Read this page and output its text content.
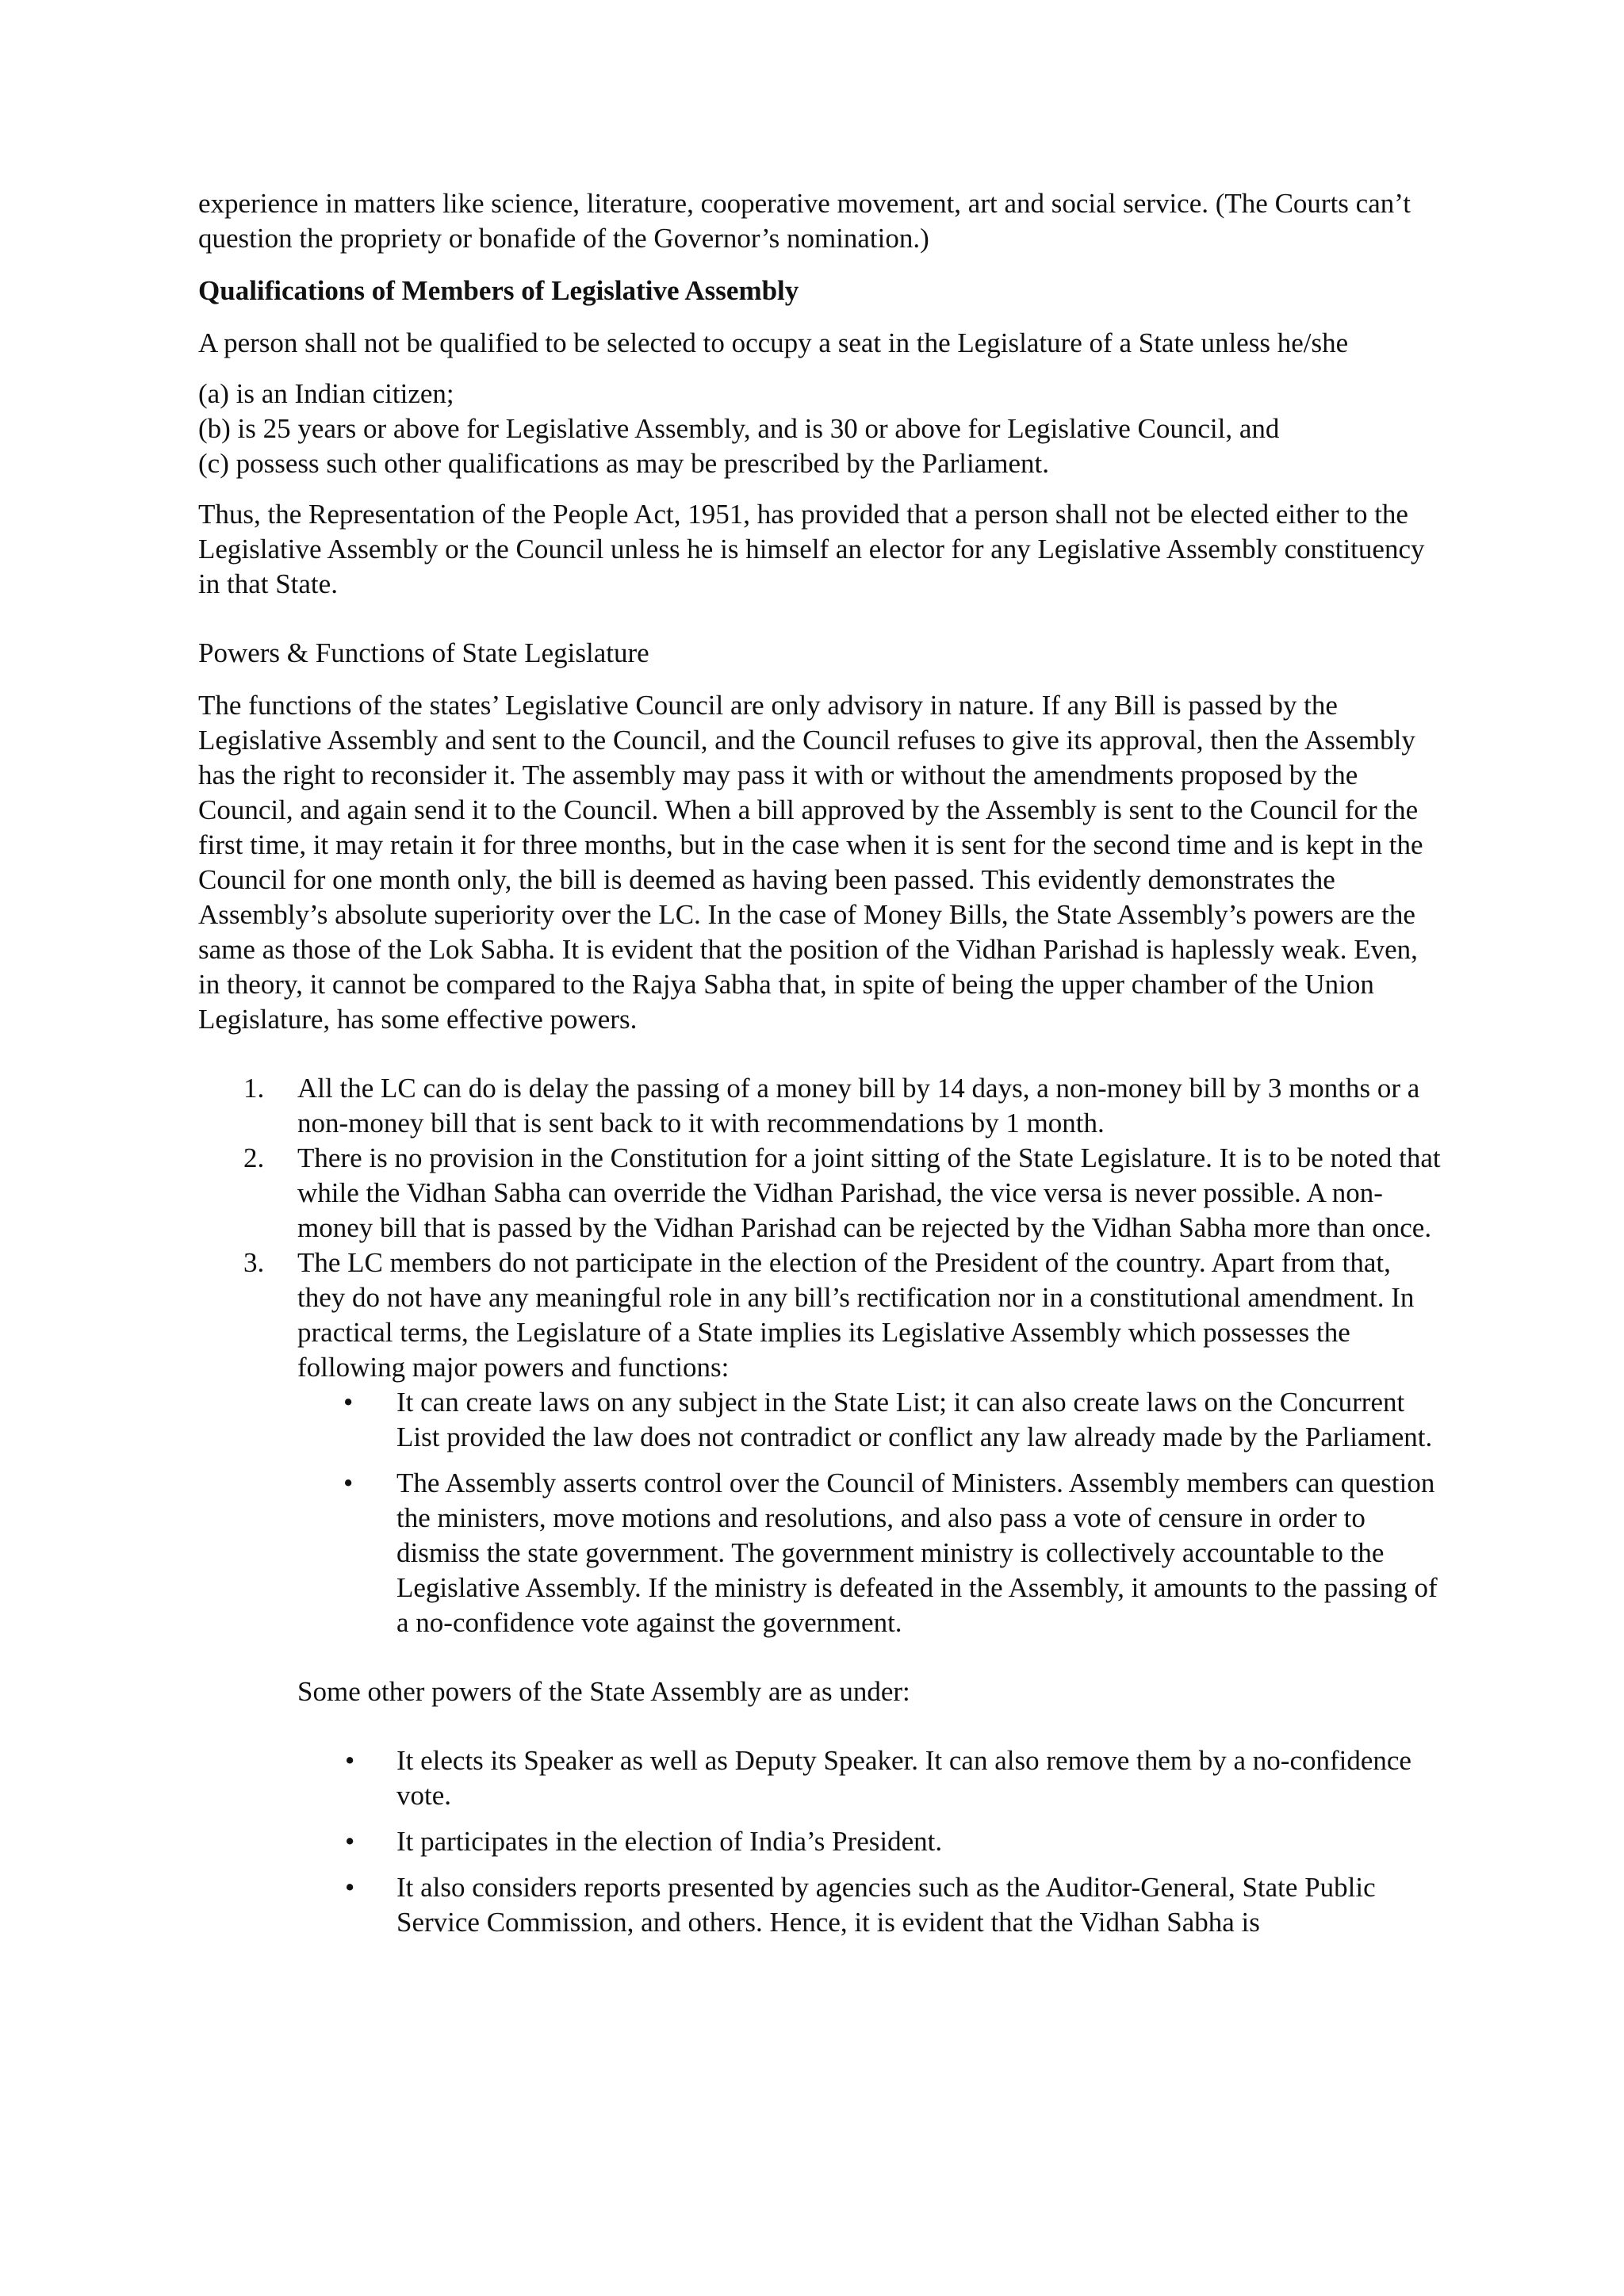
experience in matters like science, literature, cooperative movement, art and social service. (The Courts can’t question the propriety or bonafide of the Governor’s nomination.)

Qualifications of Members of Legislative Assembly

A person shall not be qualified to be selected to occupy a seat in the Legislature of a State unless he/she

(a) is an Indian citizen;
(b) is 25 years or above for Legislative Assembly, and is 30 or above for Legislative Council, and
(c) possess such other qualifications as may be prescribed by the Parliament.

Thus, the Representation of the People Act, 1951, has provided that a person shall not be elected either to the Legislative Assembly or the Council unless he is himself an elector for any Legislative Assembly constituency in that State.

Powers & Functions of State Legislature

The functions of the states’ Legislative Council are only advisory in nature. If any Bill is passed by the Legislative Assembly and sent to the Council, and the Council refuses to give its approval, then the Assembly has the right to reconsider it. The assembly may pass it with or without the amendments proposed by the Council, and again send it to the Council. When a bill approved by the Assembly is sent to the Council for the first time, it may retain it for three months, but in the case when it is sent for the second time and is kept in the Council for one month only, the bill is deemed as having been passed. This evidently demonstrates the Assembly’s absolute superiority over the LC. In the case of Money Bills, the State Assembly’s powers are the same as those of the Lok Sabha. It is evident that the position of the Vidhan Parishad is haplessly weak. Even, in theory, it cannot be compared to the Rajya Sabha that, in spite of being the upper chamber of the Union Legislature, has some effective powers.

1. All the LC can do is delay the passing of a money bill by 14 days, a non-money bill by 3 months or a non-money bill that is sent back to it with recommendations by 1 month.
2. There is no provision in the Constitution for a joint sitting of the State Legislature. It is to be noted that while the Vidhan Sabha can override the Vidhan Parishad, the vice versa is never possible. A non-money bill that is passed by the Vidhan Parishad can be rejected by the Vidhan Sabha more than once.
3. The LC members do not participate in the election of the President of the country. Apart from that, they do not have any meaningful role in any bill’s rectification nor in a constitutional amendment. In practical terms, the Legislature of a State implies its Legislative Assembly which possesses the following major powers and functions:
• It can create laws on any subject in the State List; it can also create laws on the Concurrent List provided the law does not contradict or conflict any law already made by the Parliament.
• The Assembly asserts control over the Council of Ministers. Assembly members can question the ministers, move motions and resolutions, and also pass a vote of censure in order to dismiss the state government. The government ministry is collectively accountable to the Legislative Assembly. If the ministry is defeated in the Assembly, it amounts to the passing of a no-confidence vote against the government.

Some other powers of the State Assembly are as under:

• It elects its Speaker as well as Deputy Speaker. It can also remove them by a no-confidence vote.
• It participates in the election of India’s President.
• It also considers reports presented by agencies such as the Auditor-General, State Public Service Commission, and others. Hence, it is evident that the Vidhan Sabha is
